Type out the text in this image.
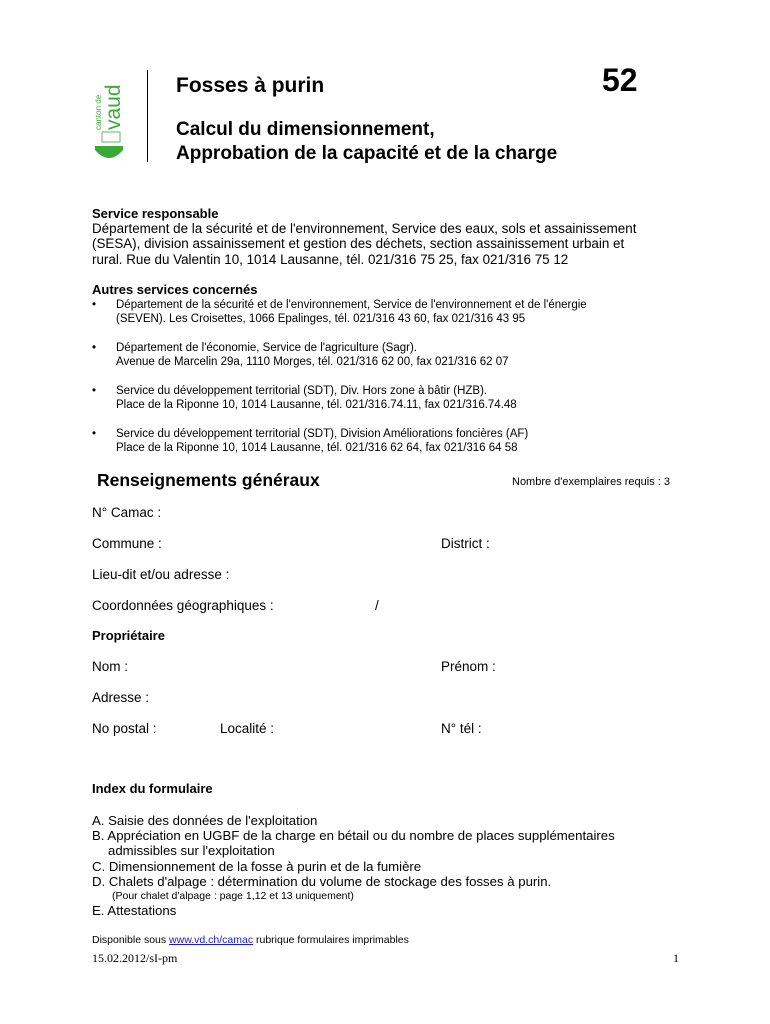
canton de vaud Fosses à purin	52
Calcul du dimensionnement,
Approbation de la capacité et de la charge
Service responsable
Département de la sécurité et de l'environnement, Service des eaux, sols et assainissement
(SESA), division assainissement et gestion des déchets, section assainissement urbain et
rural. Rue du Valentin 10, 1014 Lausanne, tél. 021/316 75 25, fax 021/316 75 12
Autres services concernés
• Département de la sécurité et de l'environnement, Service de l'environnement et de l'énergie
(SEVEN). Les Croisettes, 1066 Epalinges, tél. 021/316 43 60, fax 021/316 43 95
• Département de l'économie, Service de l'agriculture (Sagr).
Avenue de Marcelin 29a, 1110 Morges, tél. 021/316 62 00, fax 021/316 62 07
• Service du développement territorial (SDT), Div. Hors zone à bâtir (HZB).
Place de la Riponne 10, 1014 Lausanne, tél. 021/316.74.11, fax 021/316.74.48
• Service du développement territorial (SDT), Division Améliorations foncières (AF)
Place de la Riponne 10, 1014 Lausanne, tél. 021/316 62 64, fax 021/316 64 58
Renseignements généraux	Nombre d'exemplaires requis : 3
N° Camac :
Commune :	District :
Lieu-dit et/ou adresse :
Coordonnées géographiques :	/
Propriétaire
Nom :	Prénom :
Adresse :
No postal :	Localité :	N° tél :
Index du formulaire
A. Saisie des données de l'exploitation
B. Appréciation en UGBF de la charge en bétail ou du nombre de places supplémentaires
admissibles sur l'exploitation
C. Dimensionnement de la fosse à purin et de la fumière
D. Chalets d'alpage : détermination du volume de stockage des fosses à purin.
(Pour chalet d'alpage : page 1,12 et 13 uniquement)
E. Attestations
Disponible sous www.vd.ch/camac rubrique formulaires imprimables
15.02.2012/sI-pm	1
